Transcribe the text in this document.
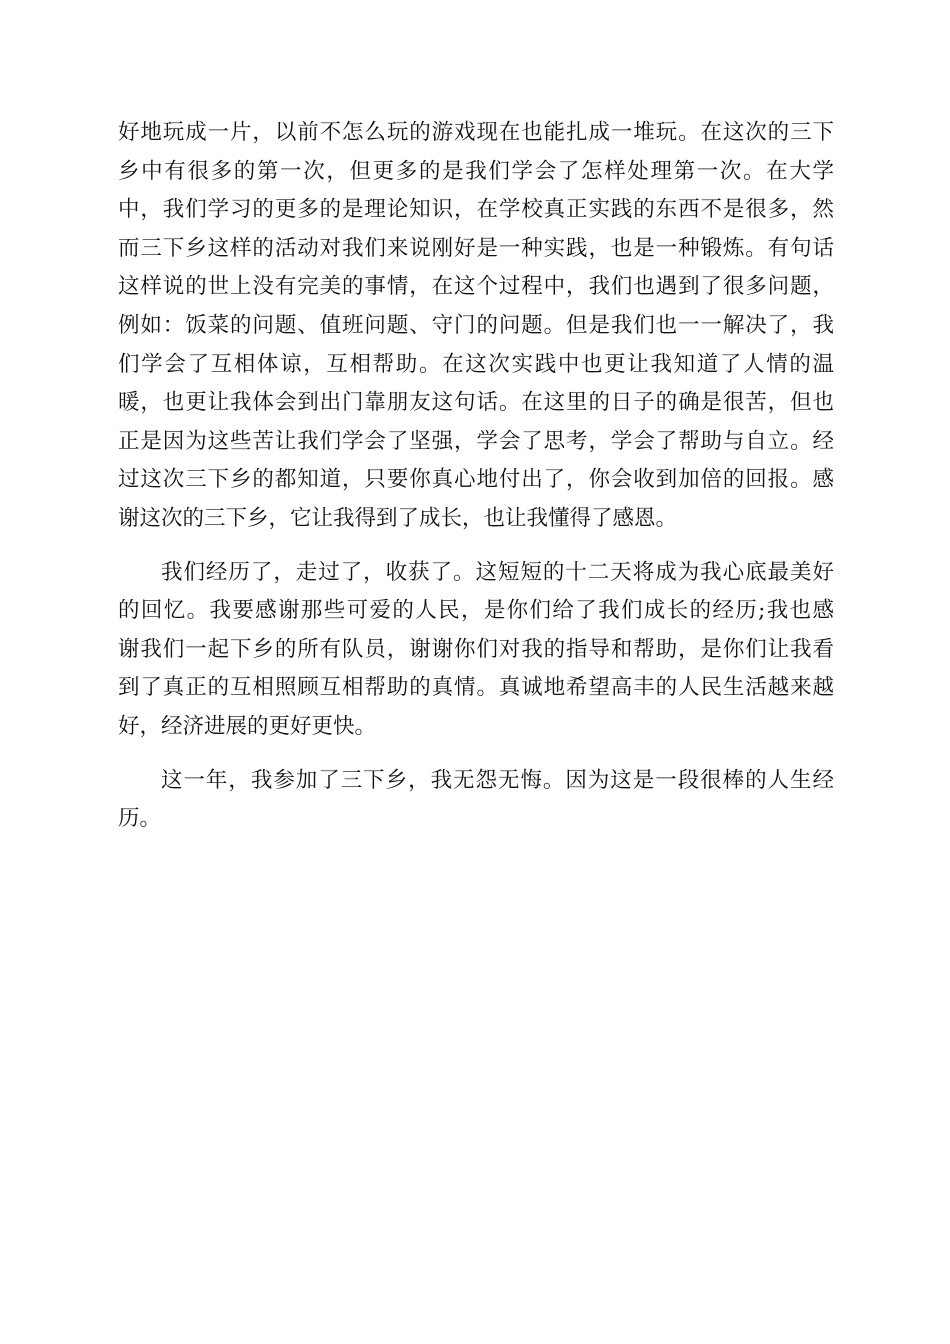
好地玩成一片，以前不怎么玩的游戏现在也能扎成一堆玩。在这次的三下
乡中有很多的第一次，但更多的是我们学会了怎样处理第一次。在大学
中，我们学习的更多的是理论知识，在学校真正实践的东西不是很多，然
而三下乡这样的活动对我们来说刚好是一种实践，也是一种锻炼。有句话
这样说的世上没有完美的事情，在这个过程中，我们也遇到了很多问题，
例如：饭菜的问题、值班问题、守门的问题。但是我们也一一解决了，我
们学会了互相体谅，互相帮助。在这次实践中也更让我知道了人情的温
暖，也更让我体会到出门靠朋友这句话。在这里的日子的确是很苦，但也
正是因为这些苦让我们学会了坚强，学会了思考，学会了帮助与自立。经
过这次三下乡的都知道，只要你真心地付出了，你会收到加倍的回报。感
谢这次的三下乡，它让我得到了成长，也让我懂得了感恩。
我们经历了，走过了，收获了。这短短的十二天将成为我心底最美好
的回忆。我要感谢那些可爱的人民，是你们给了我们成长的经历;我也感
谢我们一起下乡的所有队员，谢谢你们对我的指导和帮助，是你们让我看
到了真正的互相照顾互相帮助的真情。真诚地希望高丰的人民生活越来越
好，经济进展的更好更快。
这一年，我参加了三下乡，我无怨无悔。因为这是一段很棒的人生经
历。
